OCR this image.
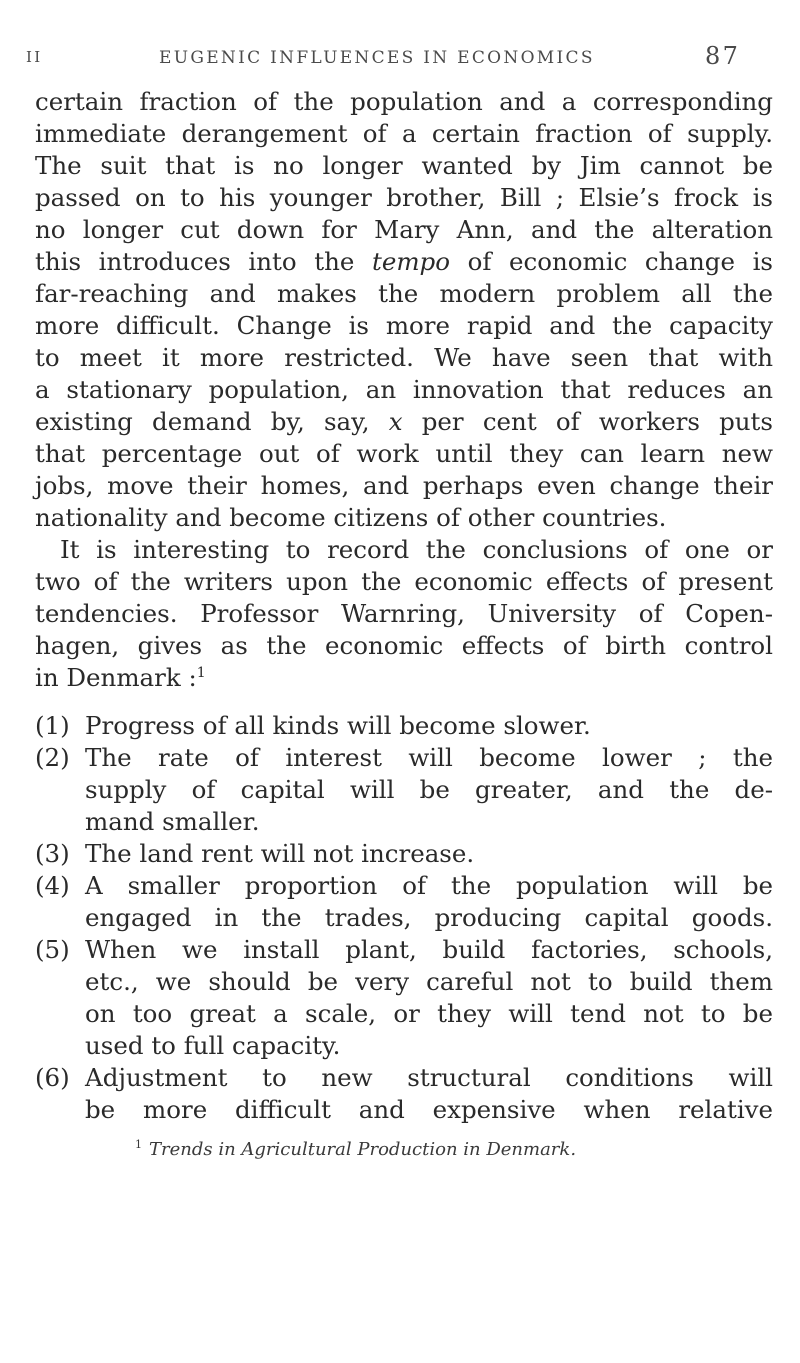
II	EUGENIC INFLUENCES IN ECONOMICS	87
certain fraction of the population and a corresponding
immediate derangement of a certain fraction of supply.
The suit that is no longer wanted by Jim cannot be
passed on to his younger brother, Bill ; Elsie’s frock is
no longer cut down for Mary Ann, and the alteration
this introduces into the tempo of economic change is
far-reaching and makes the modern problem all the
more difficult. Change is more rapid and the capacity
to meet it more restricted. We have seen that with
a stationary population, an innovation that reduces an
existing demand by, say, x per cent of workers puts
that percentage out of work until they can learn new
jobs, move their homes, and perhaps even change their
nationality and become citizens of other countries.
It is interesting to record the conclusions of one or
two of the writers upon the economic effects of present
tendencies. Professor Warnring, University of Copen-
hagen, gives as the economic effects of birth control
in Denmark :$^1$
(1) Progress of all kinds will become slower.
(2) The rate of interest will become lower ; the
supply of capital will be greater, and the de-
mand smaller.
(3) The land rent will not increase.
(4) A smaller proportion of the population will be
engaged in the trades, producing capital goods.
(5) When we install plant, build factories, schools,
etc., we should be very careful not to build them
on too great a scale, or they will tend not to be
used to full capacity.
(6) Adjustment to new structural conditions will
be more difficult and expensive when relative
$^1$ Trends in Agricultural Production in Denmark.
